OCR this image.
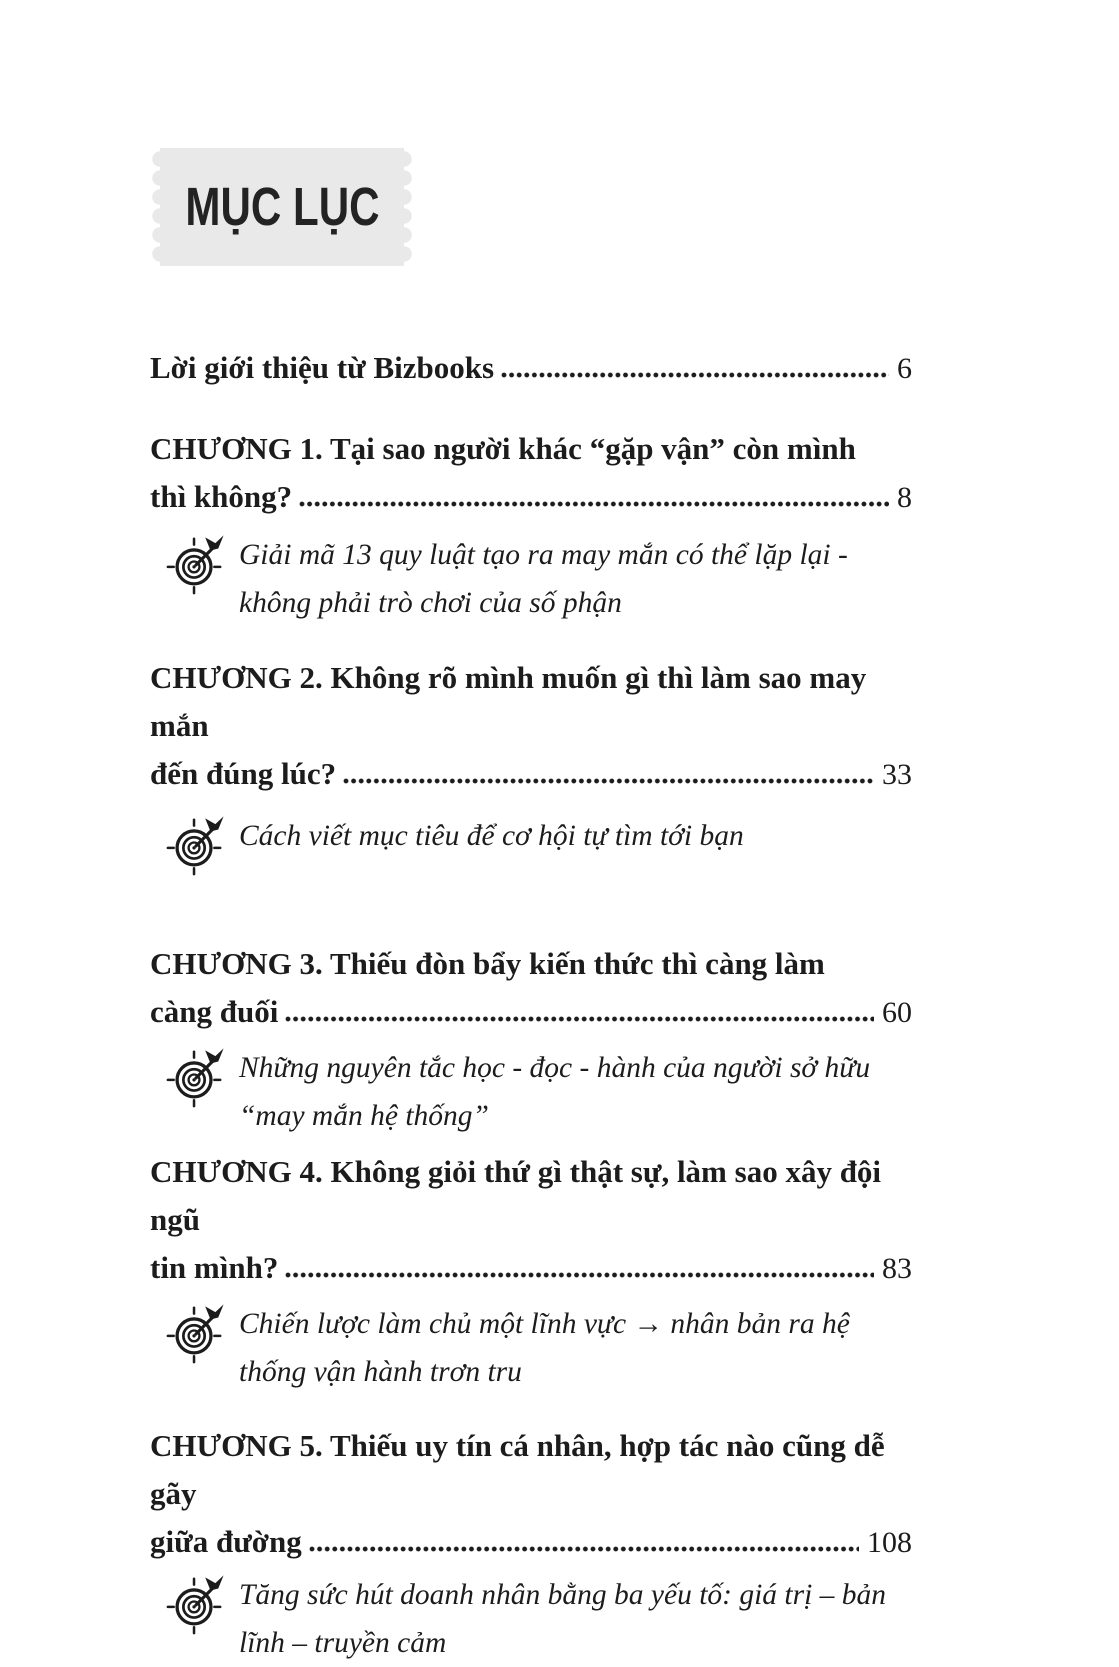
MỤC LỤC
Lời giới thiệu từ Bizbooks	6
CHƯƠNG 1. Tại sao người khác “gặp vận” còn mình
thì không?	8
Giải mã 13 quy luật tạo ra may mắn có thể lặp lại - không phải trò chơi của số phận
CHƯƠNG 2. Không rõ mình muốn gì thì làm sao may mắn
đến đúng lúc?	33
Cách viết mục tiêu để cơ hội tự tìm tới bạn
CHƯƠNG 3. Thiếu đòn bẩy kiến thức thì càng làm
càng đuối	60
Những nguyên tắc học - đọc - hành của người sở hữu “may mắn hệ thống”
CHƯƠNG 4. Không giỏi thứ gì thật sự, làm sao xây đội ngũ
tin mình?	83
Chiến lược làm chủ một lĩnh vực → nhân bản ra hệ thống vận hành trơn tru
CHƯƠNG 5. Thiếu uy tín cá nhân, hợp tác nào cũng dễ gãy
giữa đường	108
Tăng sức hút doanh nhân bằng ba yếu tố: giá trị – bản lĩnh – truyền cảm
